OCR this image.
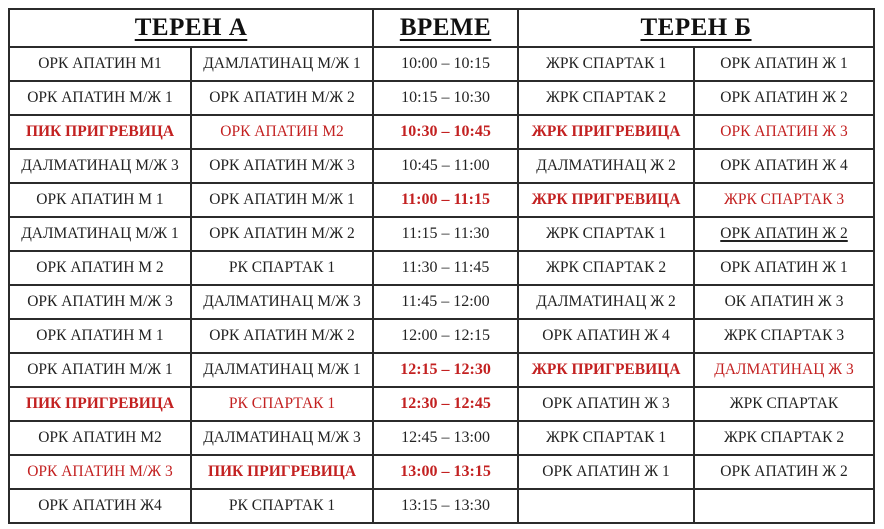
ТЕРЕН А		ВРЕМЕ	ТЕРЕН Б	
ОРК АПАТИН М1	ДАМЛАТИНАЦ М/Ж 1	10:00 – 10:15	ЖРК СПАРТАК 1	ОРК АПАТИН Ж 1
ОРК АПАТИН М/Ж 1	ОРК АПАТИН М/Ж 2	10:15 – 10:30	ЖРК СПАРТАК 2	ОРК АПАТИН Ж 2
ПИК ПРИГРЕВИЦА	ОРК АПАТИН М2	10:30 – 10:45	ЖРК ПРИГРЕВИЦА	ОРК АПАТИН Ж 3
ДАЛМАТИНАЦ М/Ж 3	ОРК АПАТИН М/Ж 3	10:45 – 11:00	ДАЛМАТИНАЦ Ж 2	ОРК АПАТИН Ж 4
ОРК АПАТИН М 1	ОРК АПАТИН М/Ж 1	11:00 – 11:15	ЖРК ПРИГРЕВИЦА	ЖРК СПАРТАК 3
ДАЛМАТИНАЦ М/Ж 1	ОРК АПАТИН М/Ж 2	11:15 – 11:30	ЖРК СПАРТАК 1	ОРК АПАТИН Ж 2
ОРК АПАТИН М 2	РК СПАРТАК 1	11:30 – 11:45	ЖРК СПАРТАК 2	ОРК АПАТИН Ж 1
ОРК АПАТИН М/Ж 3	ДАЛМАТИНАЦ М/Ж 3	11:45 – 12:00	ДАЛМАТИНАЦ Ж 2	ОК АПАТИН Ж 3
ОРК АПАТИН М 1	ОРК АПАТИН М/Ж 2	12:00 – 12:15	ОРК АПАТИН Ж 4	ЖРК СПАРТАК 3
ОРК АПАТИН М/Ж 1	ДАЛМАТИНАЦ М/Ж 1	12:15 – 12:30	ЖРК ПРИГРЕВИЦА	ДАЛМАТИНАЦ Ж 3
ПИК ПРИГРЕВИЦА	РК СПАРТАК 1	12:30 – 12:45	ОРК АПАТИН Ж 3	ЖРК СПАРТАК
ОРК АПАТИН М2	ДАЛМАТИНАЦ М/Ж 3	12:45 – 13:00	ЖРК СПАРТАК 1	ЖРК СПАРТАК 2
ОРК АПАТИН М/Ж 3	ПИК ПРИГРЕВИЦА	13:00 – 13:15	ОРК АПАТИН Ж 1	ОРК АПАТИН Ж 2
ОРК АПАТИН Ж4	РК СПАРТАК 1	13:15 – 13:30		
